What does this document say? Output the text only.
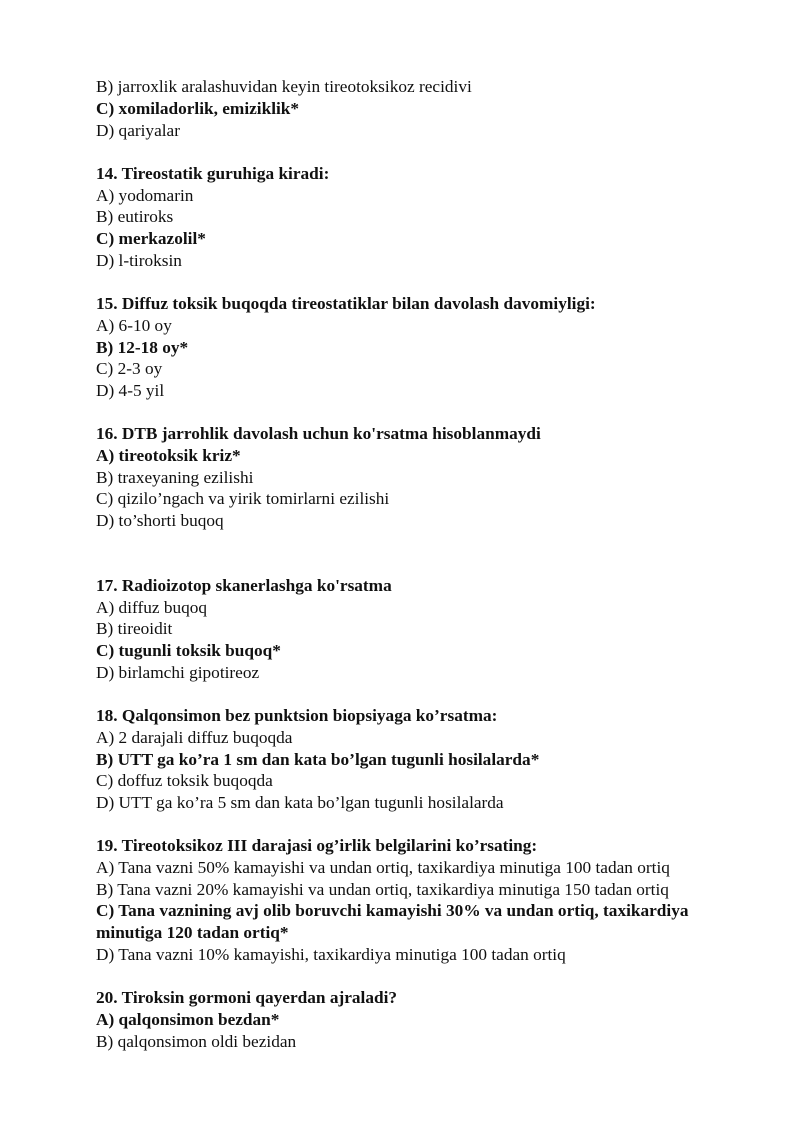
B) jarroxlik aralashuvidan keyin tireotoksikoz recidivi
C) xomiladorlik, emiziklik*
D) qariyalar
14. Tireostatik guruhiga kiradi:
A) yodomarin
B) eutiroks
C) merkazolil*
D) l-tiroksin
15. Diffuz toksik buqoqda tireostatiklar bilan davolash davomiyligi:
A) 6-10 oy
B) 12-18 oy*
C) 2-3 oy
D) 4-5 yil
16. DTB jarrohlik davolash uchun ko'rsatma hisoblanmaydi
A) tireotoksik kriz*
B) traxeyaning ezilishi
C) qizilo’ngach va yirik tomirlarni ezilishi
D) to’shorti buqoq
17. Radioizotop skanerlashga ko'rsatma
A) diffuz buqoq
B) tireoidit
C) tugunli toksik buqoq*
D) birlamchi gipotireoz
18. Qalqonsimon bez punktsion biopsiyaga ko’rsatma:
A) 2 darajali diffuz buqoqda
B) UTT ga ko’ra 1 sm dan kata bo’lgan tugunli hosilalarda*
C) doffuz toksik buqoqda
D) UTT ga ko’ra 5 sm dan kata bo’lgan tugunli hosilalarda
19. Tireotoksikoz III darajasi og’irlik belgilarini ko’rsating:
A) Tana vazni 50% kamayishi va undan ortiq, taxikardiya minutiga 100 tadan ortiq
B) Tana vazni 20% kamayishi va undan ortiq, taxikardiya minutiga 150 tadan ortiq
C) Tana vaznining avj olib boruvchi kamayishi 30% va undan ortiq, taxikardiya minutiga 120 tadan ortiq*
D) Tana vazni 10% kamayishi, taxikardiya minutiga 100 tadan ortiq
20. Tiroksin gormoni qayerdan ajraladi?
A) qalqonsimon bezdan*
B) qalqonsimon oldi bezidan
